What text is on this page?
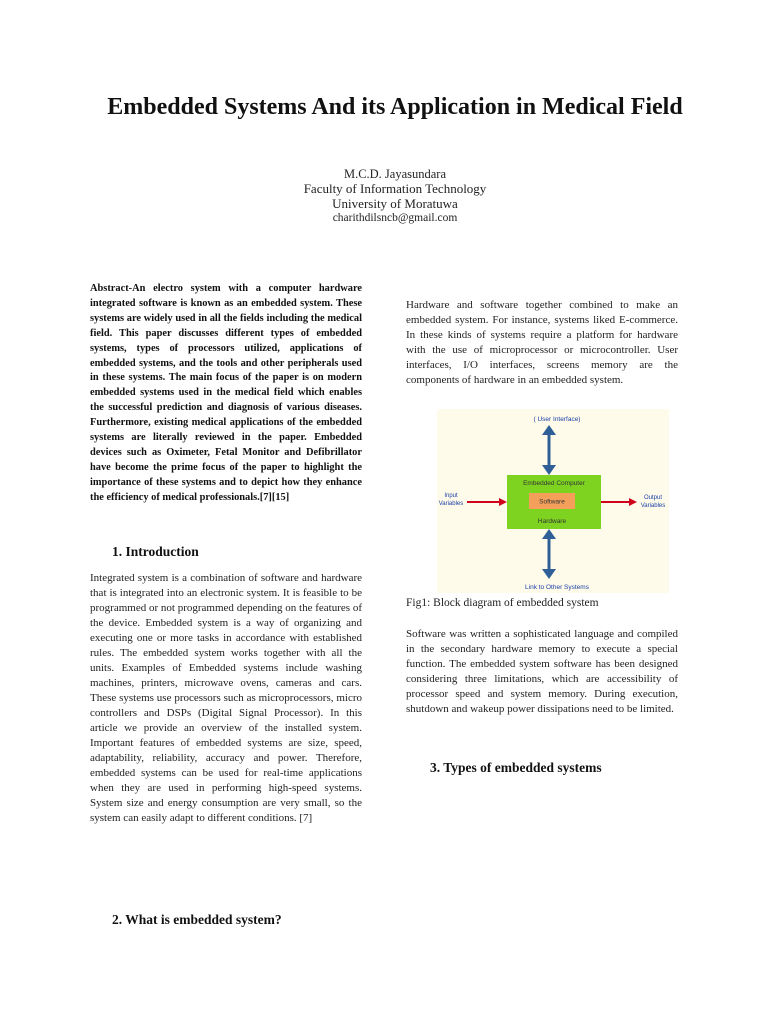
Embedded Systems And its Application in Medical Field
M.C.D. Jayasundara
Faculty of Information Technology
University of Moratuwa
charithdilsncb@gmail.com
Abstract-An electro system with a computer hardware integrated software is known as an embedded system. These systems are widely used in all the fields including the medical field. This paper discusses different types of embedded systems, types of processors utilized, applications of embedded systems, and the tools and other peripherals used in these systems. The main focus of the paper is on modern embedded systems used in the medical field which enables the successful prediction and diagnosis of various diseases. Furthermore, existing medical applications of the embedded systems are literally reviewed in the paper. Embedded devices such as Oximeter, Fetal Monitor and Defibrillator have become the prime focus of the paper to highlight the importance of these systems and to depict how they enhance the efficiency of medical professionals.[7][15]
1. Introduction
Integrated system is a combination of software and hardware that is integrated into an electronic system. It is feasible to be programmed or not programmed depending on the features of the device. Embedded system is a way of organizing and executing one or more tasks in accordance with established rules. The embedded system works together with all the units. Examples of Embedded systems include washing machines, printers, microwave ovens, cameras and cars. These systems use processors such as microprocessors, micro controllers and DSPs (Digital Signal Processor). In this article we provide an overview of the installed system. Important features of embedded systems are size, speed, adaptability, reliability, accuracy and power. Therefore, embedded systems can be used for real-time applications when they are used in performing high-speed systems. System size and energy consumption are very small, so the system can easily adapt to different conditions. [7]
2. What is embedded system?
Hardware and software together combined to make an embedded system. For instance, systems liked E-commerce. In these kinds of systems require a platform for hardware with the use of microprocessor or microcontroller. User interfaces, I/O interfaces, screens memory are the components of hardware in an embedded system.
( User Interface)
Embedded Computer
Software
Hardware
Input
Variables
Output
Variables
Link to Other Systems
Fig1: Block diagram of embedded system
Software was written a sophisticated language and compiled in the secondary hardware memory to execute a special function. The embedded system software has been designed considering three limitations, which are accessibility of processor speed and system memory. During execution, shutdown and wakeup power dissipations need to be limited.
3. Types of embedded systems
